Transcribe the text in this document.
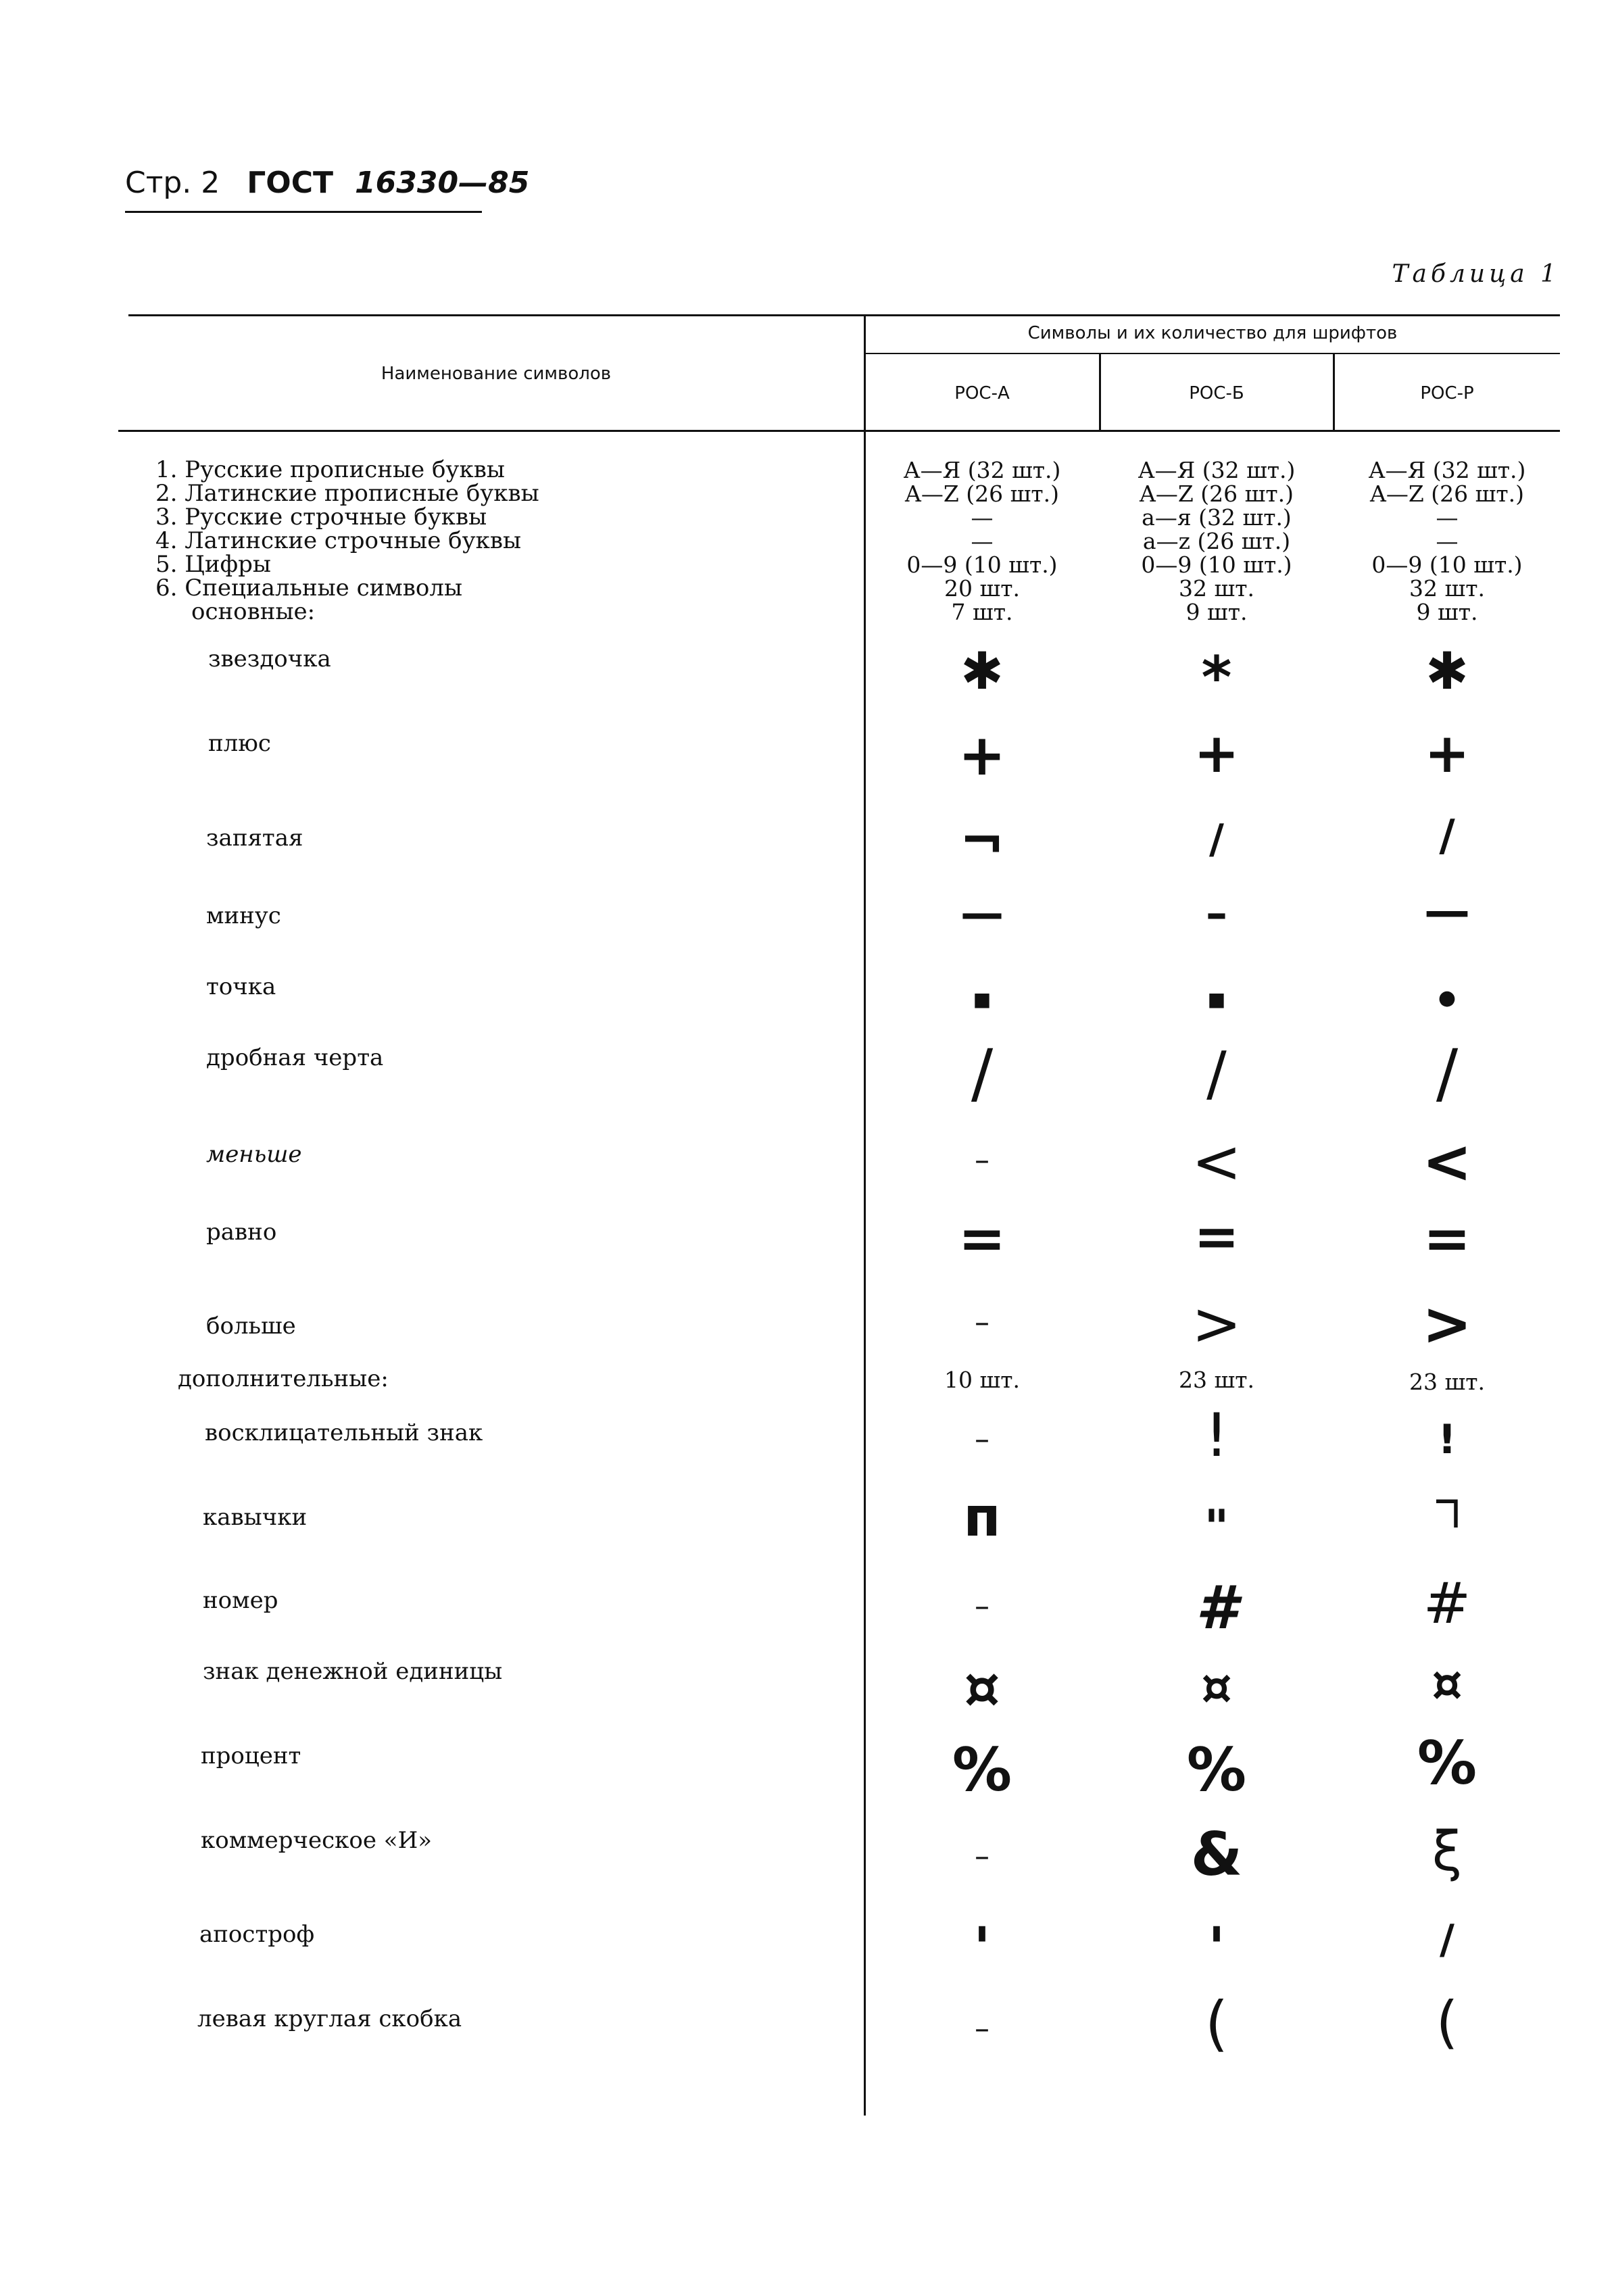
Стр. 2 ГОСТ 16330—85
Таблица 1
Наименование символов
Символы и их количество для шрифтов
РОС-А	РОС-Б	РОС-Р
1. Русские прописные буквы	А—Я (32 шт.)	А—Я (32 шт.)	А—Я (32 шт.)
2. Латинские прописные буквы	A—Z (26 шт.)	A—Z (26 шт.)	A—Z (26 шт.)
3. Русские строчные буквы	—	а—я (32 шт.)	—
4. Латинские строчные буквы	—	a—z (26 шт.)	—
5. Цифры	0—9 (10 шт.)	0—9 (10 шт.)	0—9 (10 шт.)
6. Специальные символы	20 шт.	32 шт.	32 шт.
основные:	7 шт.	9 шт.	9 шт.
звездочка	✱	*	✱
плюс	+	+	+
запятая	¬	/	/
минус	—	–	—
точка	■	■	●
дробная черта	/	/	/
меньше	–	<	<
равно	=	=	=
больше	–	>	>
дополнительные:	10 шт.	23 шт.	23 шт.
восклицательный знак	–	!	!
кавычки	п	"	˥˥
номер	–	#	#
знак денежной единицы	¤	¤	¤
процент	%	%	%
коммерческое «И»	–	&	ξ
апостроф	'	'	/
левая круглая скобка	–	(	(
